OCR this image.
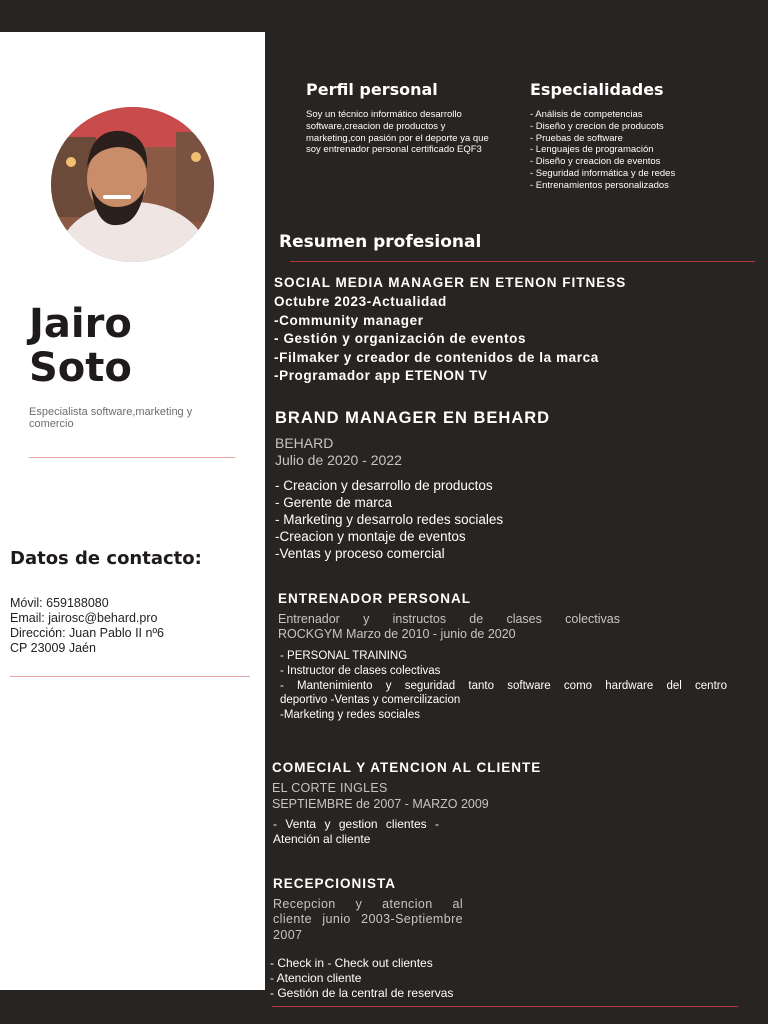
Jairo
Soto
Especialista software,marketing y comercio
Datos de contacto:
Móvil: 659188080
Email: jairosc@behard.pro
Dirección: Juan Pablo II nº6
CP 23009 Jaén
Perfil personal
Soy un técnico informático desarrollo software,creacion de productos y marketing,con pasión por el deporte ya que soy entrenador personal certificado EQF3
Especialidades
- Análisis de competencias
- Diseño y crecion de producots
- Pruebas de software
- Lenguajes de programación
- Diseño y creacion de eventos
- Seguridad informática y de redes
- Entrenamientos personalizados
Resumen profesional
SOCIAL MEDIA MANAGER EN ETENON FITNESS
Octubre 2023-Actualidad
-Community manager
- Gestión y organización de eventos
-Filmaker y creador de contenidos de la marca
-Programador app ETENON TV
BRAND MANAGER EN BEHARD
BEHARD
Julio de 2020 - 2022
- Creacion y desarrollo de productos
- Gerente de marca
- Marketing y desarrolo redes sociales
-Creacion y montaje de eventos
-Ventas y proceso comercial
ENTRENADOR PERSONAL
Entrenador y instructos de clases colectivas
ROCKGYM Marzo de 2010 - junio de 2020
- PERSONAL TRAINING
- Instructor de clases colectivas
- Mantenimiento y seguridad tanto software como hardware del centro
deportivo -Ventas y comercilizacion
-Marketing y redes sociales
COMECIAL Y ATENCION AL CLIENTE
EL CORTE INGLES
SEPTIEMBRE de 2007 - MARZO 2009
- Venta y gestion clientes -
Atención al cliente
RECEPCIONISTA
Recepcion y atencion al
cliente junio 2003-Septiembre
2007
- Check in - Check out clientes
- Atencion cliente
- Gestión de la central de reservas
